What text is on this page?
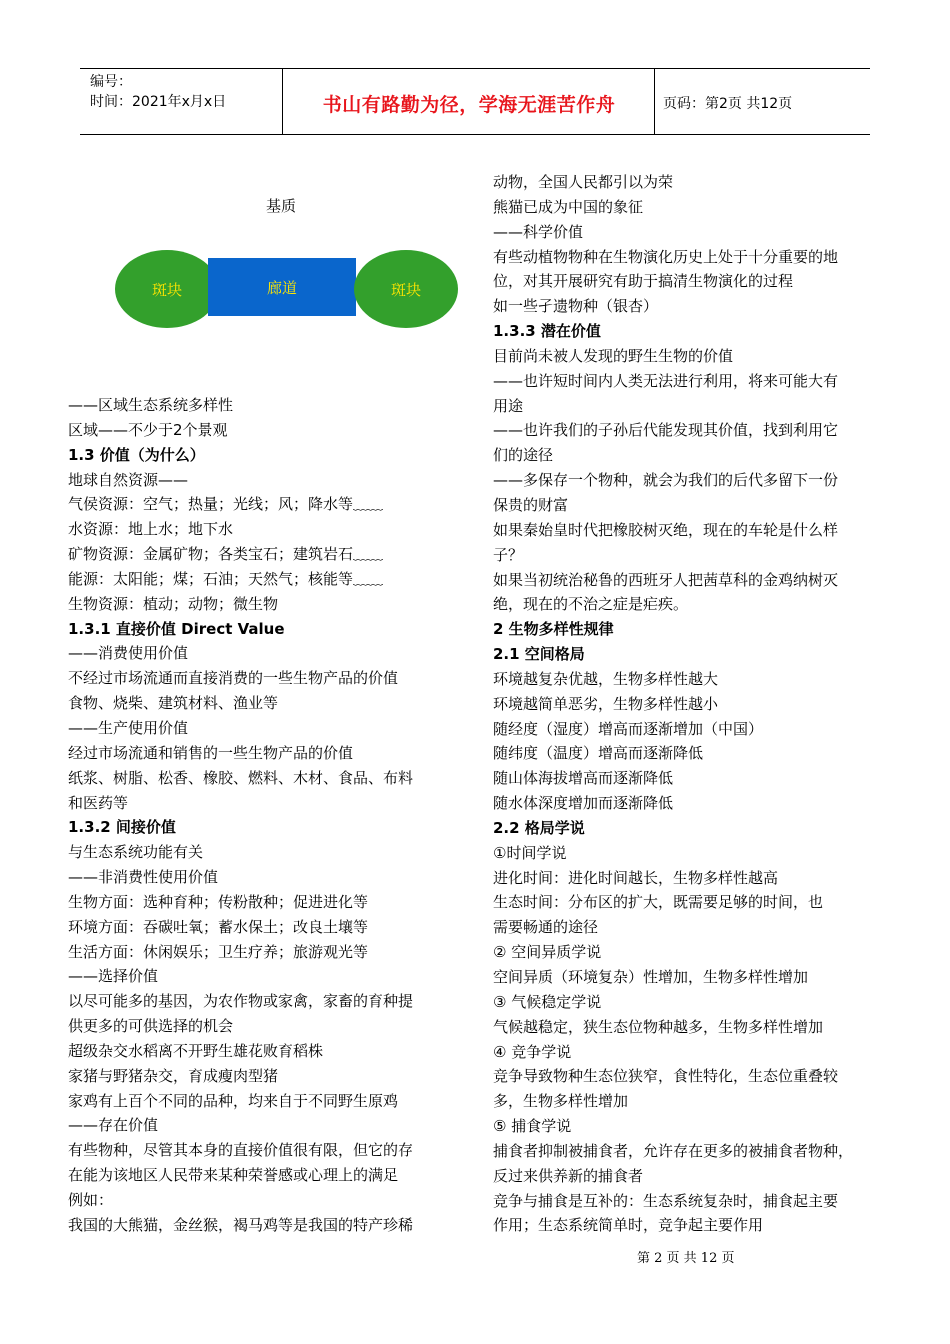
编号：
时间：2021年x月x日	书山有路勤为径，学海无涯苦作舟	页码：第2页 共12页
基质
斑块	廊道	斑块
——区域生态系统多样性
区域——不少于2个景观
1.3 价值（为什么）
地球自然资源——
气侯资源：空气；热量；光线；风；降水等﹏﹏
水资源：地上水；地下水
矿物资源：金属矿物；各类宝石；建筑岩石﹏﹏
能源：太阳能；煤；石油；天然气；核能等﹏﹏
生物资源：植动；动物；微生物
1.3.1 直接价值 Direct Value
——消费使用价值
不经过市场流通而直接消费的一些生物产品的价值
食物、烧柴、建筑材料、渔业等
——生产使用价值
经过市场流通和销售的一些生物产品的价值
纸浆、树脂、松香、橡胶、燃料、木材、食品、布料
和医药等
1.3.2 间接价值
与生态系统功能有关
——非消费性使用价值
生物方面：选种育种；传粉散种；促进进化等
环境方面：吞碳吐氧；蓄水保土；改良土壤等
生活方面：休闲娱乐；卫生疗养；旅游观光等
——选择价值
以尽可能多的基因，为农作物或家禽，家畜的育种提
供更多的可供选择的机会
超级杂交水稻离不开野生雄花败育稻株
家猪与野猪杂交，育成瘦肉型猪
家鸡有上百个不同的品种，均来自于不同野生原鸡
——存在价值
有些物种，尽管其本身的直接价值很有限，但它的存
在能为该地区人民带来某种荣誉感或心理上的满足
例如：
我国的大熊猫，金丝猴，褐马鸡等是我国的特产珍稀
动物，全国人民都引以为荣
熊猫已成为中国的象征
——科学价值
有些动植物物种在生物演化历史上处于十分重要的地
位，对其开展研究有助于搞清生物演化的过程
如一些孑遗物种（银杏）
1.3.3 潜在价值
目前尚未被人发现的野生生物的价值
——也许短时间内人类无法进行利用，将来可能大有
用途
——也许我们的子孙后代能发现其价值，找到利用它
们的途径
——多保存一个物种，就会为我们的后代多留下一份
保贵的财富
如果秦始皇时代把橡胶树灭绝，现在的车轮是什么样
子？
如果当初统治秘鲁的西班牙人把茜草科的金鸡纳树灭
绝，现在的不治之症是疟疾。
2 生物多样性规律
2.1 空间格局
环境越复杂优越，生物多样性越大
环境越简单恶劣，生物多样性越小
随经度（湿度）增高而逐渐增加（中国）
随纬度（温度）增高而逐渐降低
随山体海拔增高而逐渐降低
随水体深度增加而逐渐降低
2.2 格局学说
①时间学说
进化时间：进化时间越长，生物多样性越高
生态时间：分布区的扩大，既需要足够的时间，也
需要畅通的途径
② 空间异质学说
空间异质（环境复杂）性增加，生物多样性增加
③ 气候稳定学说
气候越稳定，狭生态位物种越多，生物多样性增加
④ 竞争学说
竞争导致物种生态位狭窄，食性特化，生态位重叠较
多，生物多样性增加
⑤ 捕食学说
捕食者抑制被捕食者，允许存在更多的被捕食者物种，
反过来供养新的捕食者
竞争与捕食是互补的：生态系统复杂时，捕食起主要
作用；生态系统简单时，竞争起主要作用
第 2 页 共 12 页
